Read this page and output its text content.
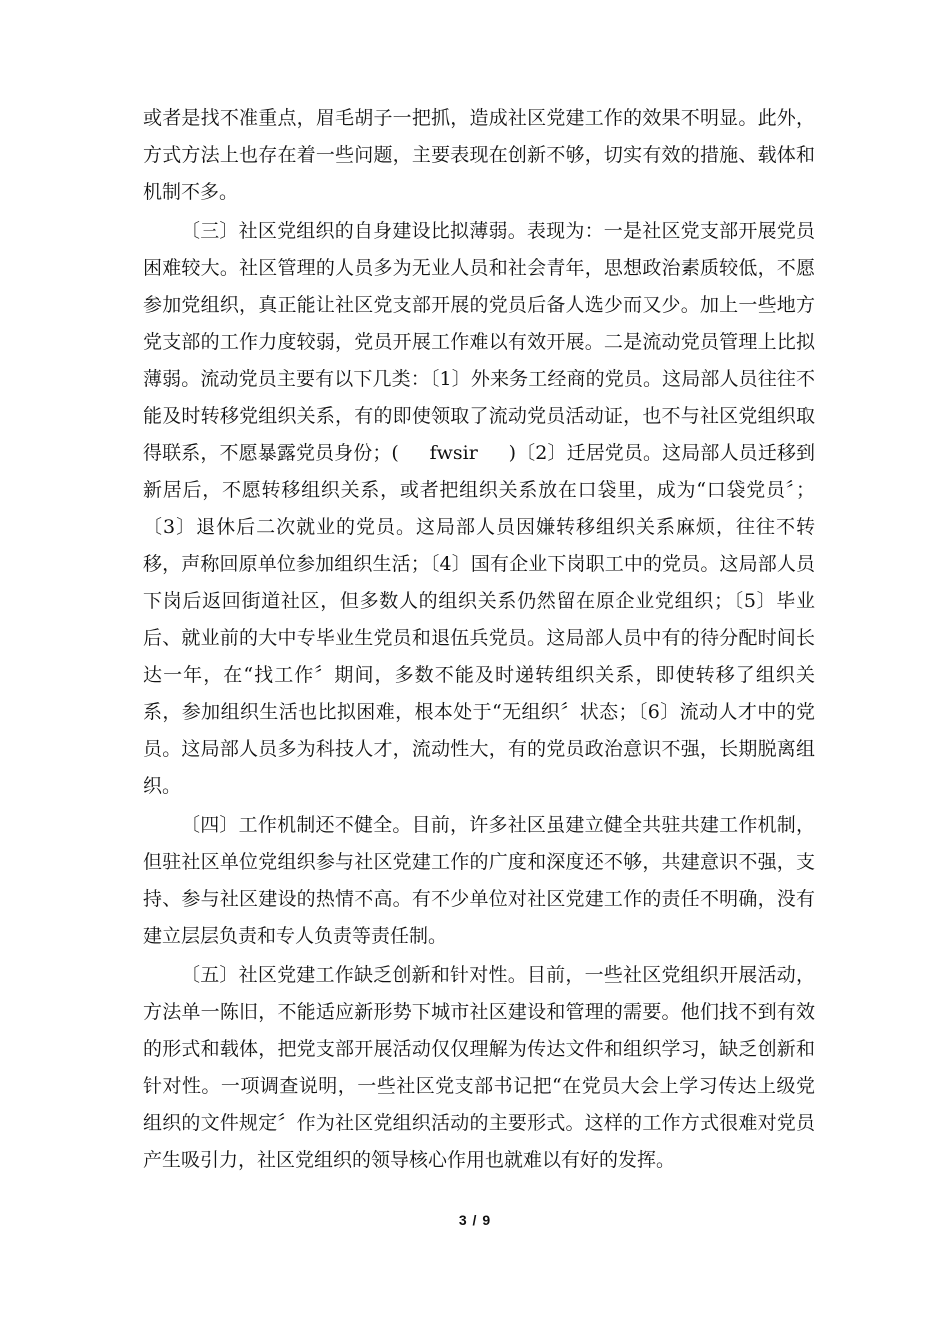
或者是找不准重点，眉毛胡子一把抓，造成社区党建工作的效果不明显。此外，方式方法上也存在着一些问题，主要表现在创新不够，切实有效的措施、载体和机制不多。

〔三〕社区党组织的自身建设比拟薄弱。表现为：一是社区党支部开展党员困难较大。社区管理的人员多为无业人员和社会青年，思想政治素质较低，不愿参加党组织，真正能让社区党支部开展的党员后备人选少而又少。加上一些地方党支部的工作力度较弱，党员开展工作难以有效开展。二是流动党员管理上比拟薄弱。流动党员主要有以下几类：〔1〕外来务工经商的党员。这局部人员往往不能及时转移党组织关系，有的即使领取了流动党员活动证，也不与社区党组织取得联系，不愿暴露党员身份；(     fwsir     )〔2〕迁居党员。这局部人员迁移到新居后，不愿转移组织关系，或者把组织关系放在口袋里，成为“口袋党员〞；〔3〕退休后二次就业的党员。这局部人员因嫌转移组织关系麻烦，往往不转移，声称回原单位参加组织生活；〔4〕国有企业下岗职工中的党员。这局部人员下岗后返回街道社区，但多数人的组织关系仍然留在原企业党组织；〔5〕毕业后、就业前的大中专毕业生党员和退伍兵党员。这局部人员中有的待分配时间长达一年，在“找工作〞期间，多数不能及时递转组织关系，即使转移了组织关系，参加组织生活也比拟困难，根本处于“无组织〞状态；〔6〕流动人才中的党员。这局部人员多为科技人才，流动性大，有的党员政治意识不强，长期脱离组织。

〔四〕工作机制还不健全。目前，许多社区虽建立健全共驻共建工作机制，但驻社区单位党组织参与社区党建工作的广度和深度还不够，共建意识不强，支持、参与社区建设的热情不高。有不少单位对社区党建工作的责任不明确，没有建立层层负责和专人负责等责任制。

〔五〕社区党建工作缺乏创新和针对性。目前，一些社区党组织开展活动，方法单一陈旧，不能适应新形势下城市社区建设和管理的需要。他们找不到有效的形式和载体，把党支部开展活动仅仅理解为传达文件和组织学习，缺乏创新和针对性。一项调查说明，一些社区党支部书记把“在党员大会上学习传达上级党组织的文件规定〞作为社区党组织活动的主要形式。这样的工作方式很难对党员产生吸引力，社区党组织的领导核心作用也就难以有好的发挥。

3 / 9
